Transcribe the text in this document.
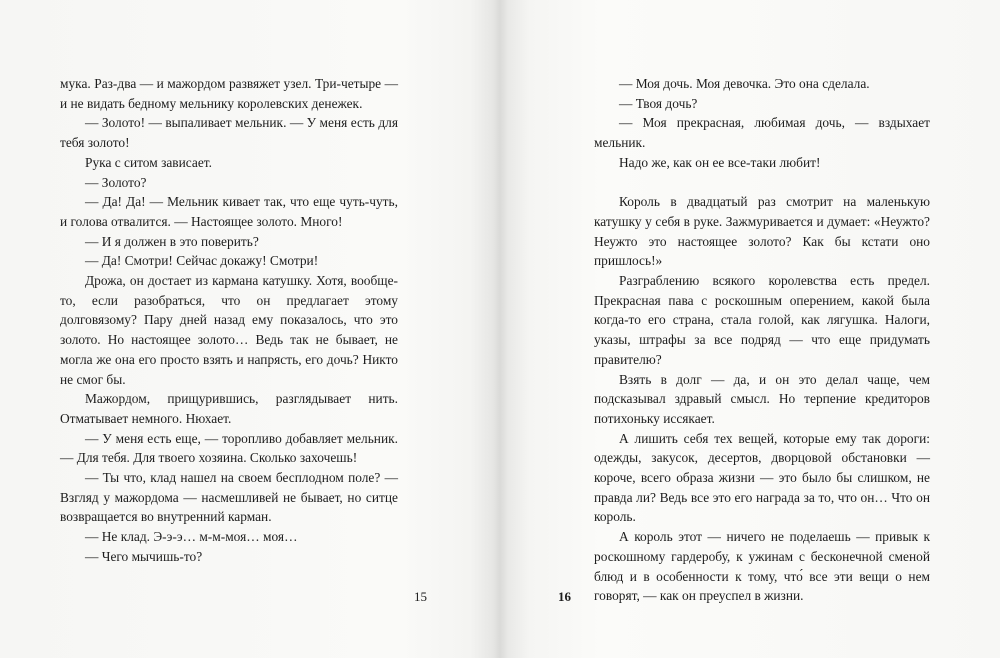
мука. Раз-два — и мажордом развяжет узел. Три-четыре — и не видать бедному мельнику королевских денежек.

— Золото! — выпаливает мельник. — У меня есть для тебя золото!

Рука с ситом зависает.

— Золото?

— Да! Да! — Мельник кивает так, что еще чуть-чуть, и голова отвалится. — Настоящее золото. Много!

— И я должен в это поверить?

— Да! Смотри! Сейчас докажу! Смотри!

Дрожа, он достает из кармана катушку. Хотя, вообще-то, если разобраться, что он предлагает этому долговязому? Пару дней назад ему показалось, что это золото. Но настоящее золото… Ведь так не бывает, не могла же она его просто взять и напрясть, его дочь? Никто не смог бы.

Мажордом, прищурившись, разглядывает нить. Отматывает немного. Нюхает.

— У меня есть еще, — торопливо добавляет мельник. — Для тебя. Для твоего хозяина. Сколько захочешь!

— Ты что, клад нашел на своем бесплодном поле? — Взгляд у мажордома — насмешливей не бывает, но ситце возвращается во внутренний карман.

— Не клад. Э-э-э… м-м-моя… моя…

— Чего мычишь-то?

15

— Моя дочь. Моя девочка. Это она сделала.

— Твоя дочь?

— Моя прекрасная, любимая дочь, — вздыхает мельник.

Надо же, как он ее все-таки любит!

Король в двадцатый раз смотрит на маленькую катушку у себя в руке. Зажмуривается и думает: «Неужто? Неужто это настоящее золото? Как бы кстати оно пришлось!»

Разграблению всякого королевства есть предел. Прекрасная пава с роскошным оперением, какой была когда-то его страна, стала голой, как лягушка. Налоги, указы, штрафы за все подряд — что еще придумать правителю?

Взять в долг — да, и он это делал чаще, чем подсказывал здравый смысл. Но терпение кредиторов потихоньку иссякает.

А лишить себя тех вещей, которые ему так дороги: одежды, закусок, десертов, дворцовой обстановки — короче, всего образа жизни — это было бы слишком, не правда ли? Ведь все это его награда за то, что он… Что он король.

А король этот — ничего не поделаешь — привык к роскошному гардеробу, к ужинам с бесконечной сменой блюд и в особенности к тому, что́ все эти вещи о нем говорят, — как он преуспел в жизни.

16
